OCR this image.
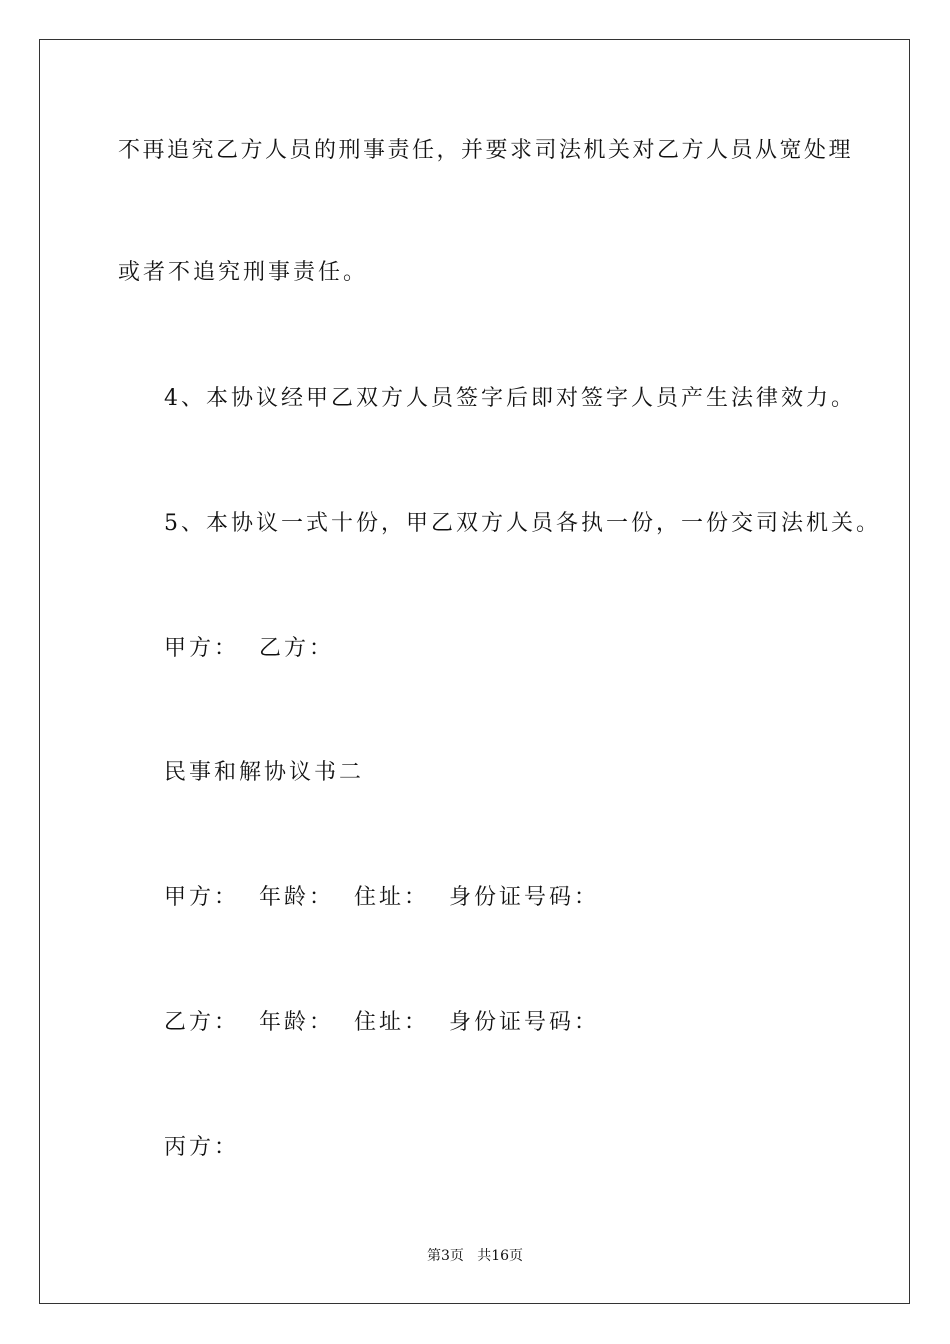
不再追究乙方人员的刑事责任，并要求司法机关对乙方人员从宽处理
或者不追究刑事责任。
4、本协议经甲乙双方人员签字后即对签字人员产生法律效力。
5、本协议一式十份，甲乙双方人员各执一份，一份交司法机关。
甲方：  乙方：
民事和解协议书二
甲方：  年龄：  住址：  身份证号码：
乙方：  年龄：  住址：  身份证号码：
丙方：
第3页   共16页
